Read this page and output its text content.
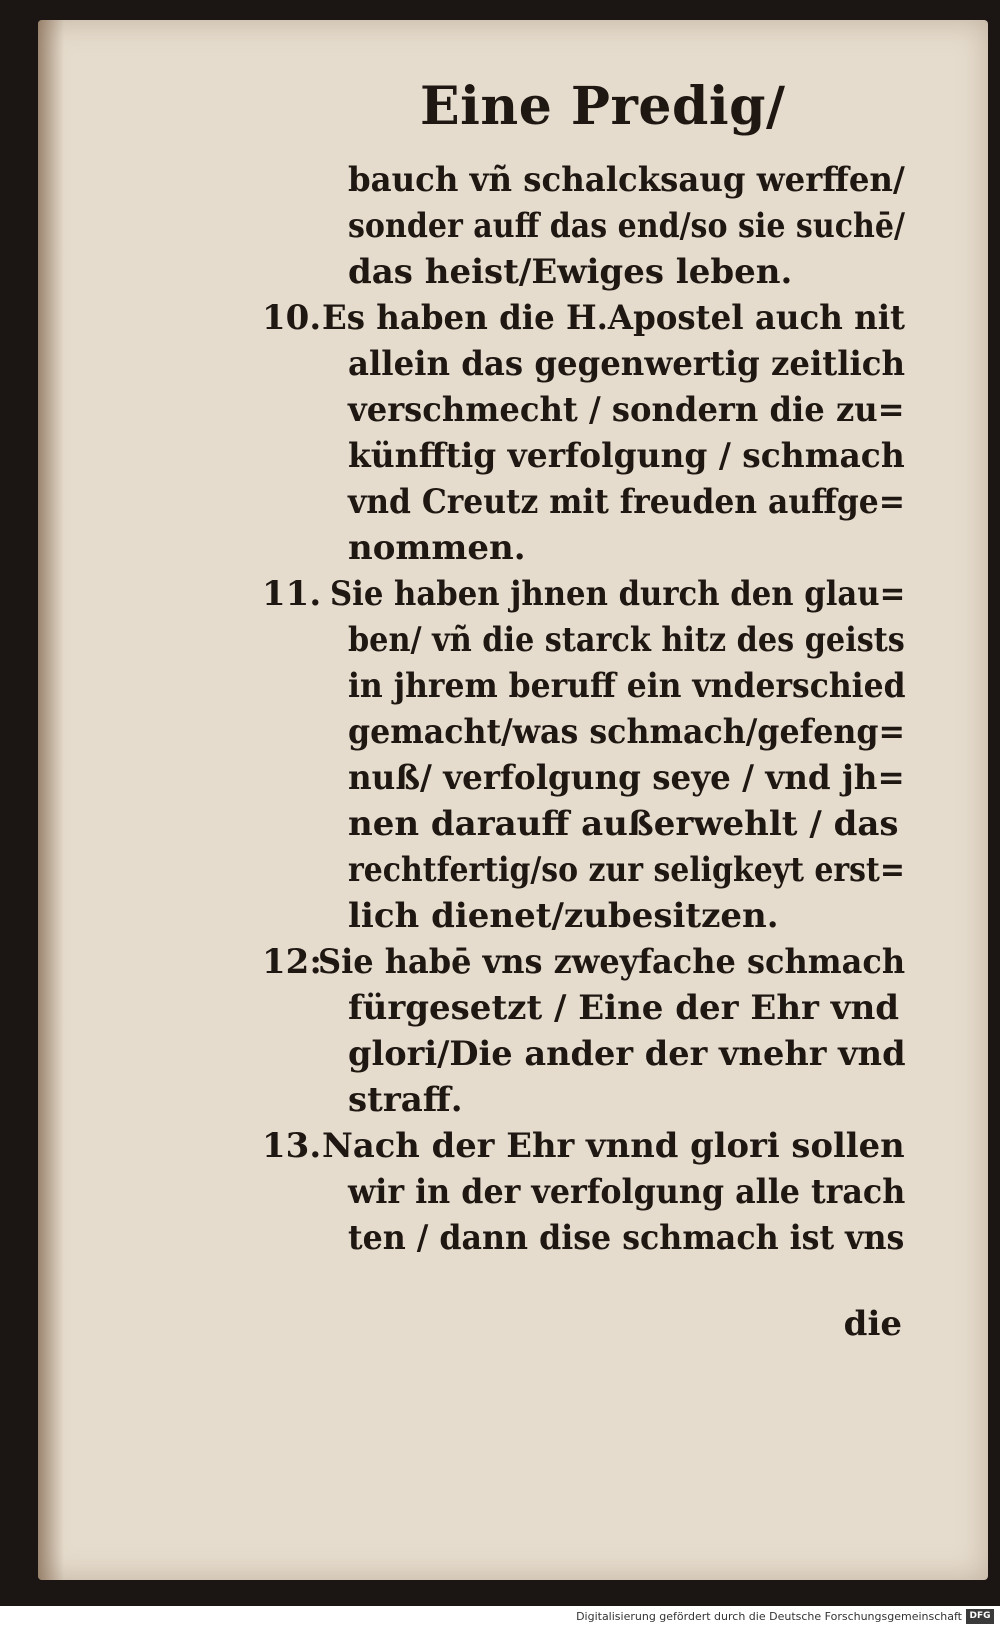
Eine Predig/
bauch vñ schalcksaug werffen/
sonder auff das end/so sie suchē/
das heist/Ewiges leben.
10. Es haben die H.Apostel auch nit
allein das gegenwertig zeitlich
verschmecht / sondern die zu=
künfftig verfolgung / schmach
vnd Creutz mit freuden auffge=
nommen.
11. Sie haben jhnen durch den glau=
ben/ vñ die starck hitz des geists
in jhrem beruff ein vnderschied
gemacht/was schmach/gefeng=
nuß/ verfolgung seye / vnd jh=
nen darauff außerwehlt / das
rechtfertig/so zur seligkeyt erst=
lich dienet/zubesitzen.
12:
Sie habē vns zweyfache schmach
fürgesetzt / Eine der Ehr vnd
glori/Die ander der vnehr vnd
straff.
13. Nach der Ehr vnnd glori sollen
wir in der verfolgung alle trach
ten / dann dise schmach ist vns
die
Digitalisierung gefördert durch die Deutsche Forschungsgemeinschaft DFG
